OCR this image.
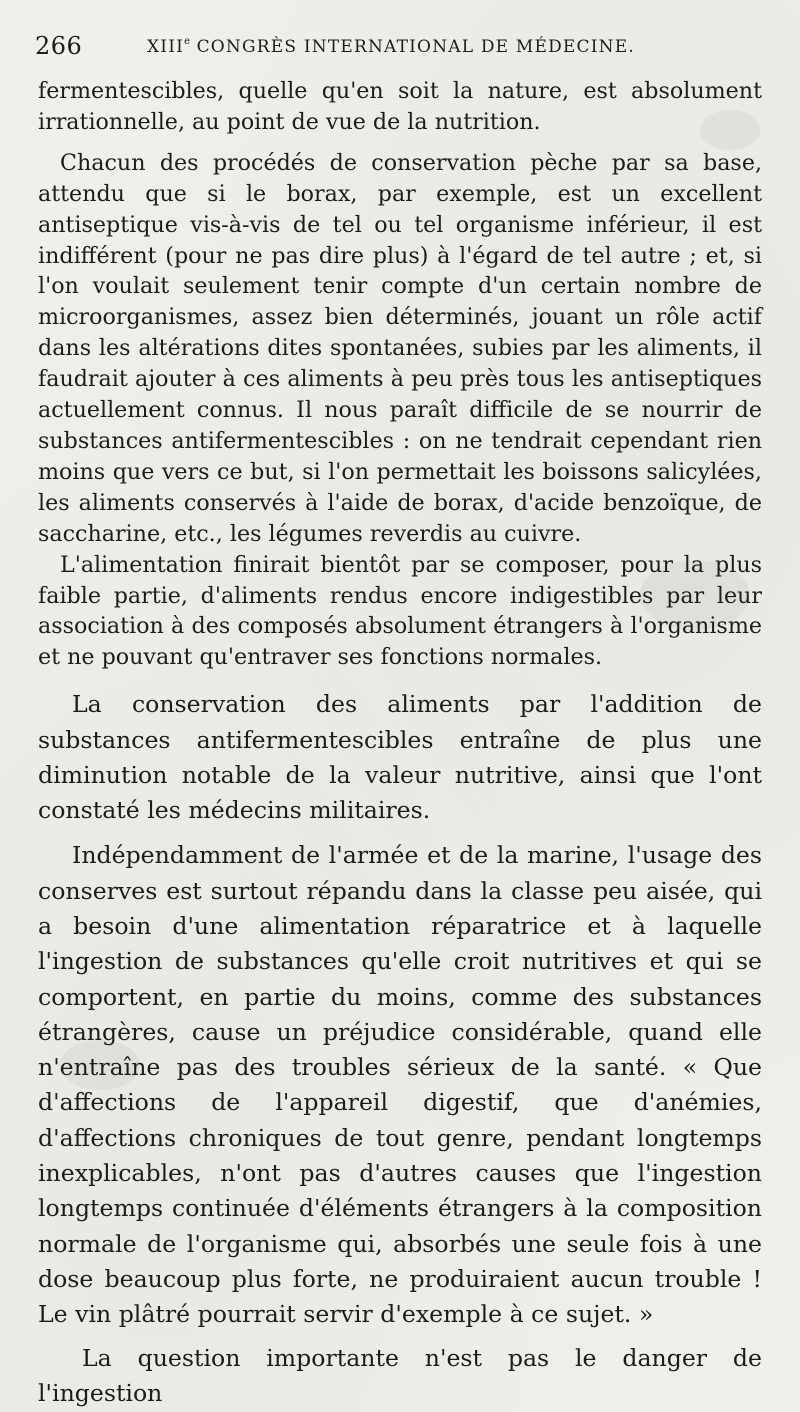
266	XIIIe CONGRÈS INTERNATIONAL DE MÉDECINE.

fermentescibles, quelle qu'en soit la nature, est absolument irrationnelle, au point de vue de la nutrition.

Chacun des procédés de conservation pèche par sa base, attendu que si le borax, par exemple, est un excellent antiseptique vis-à-vis de tel ou tel organisme inférieur, il est indifférent (pour ne pas dire plus) à l'égard de tel autre ; et, si l'on voulait seulement tenir compte d'un certain nombre de microorganismes, assez bien déterminés, jouant un rôle actif dans les altérations dites spontanées, subies par les aliments, il faudrait ajouter à ces aliments à peu près tous les antiseptiques actuellement connus. Il nous paraît difficile de se nourrir de substances antifermentescibles : on ne tendrait cependant rien moins que vers ce but, si l'on permettait les boissons salicylées, les aliments conservés à l'aide de borax, d'acide benzoïque, de saccharine, etc., les légumes reverdis au cuivre.

L'alimentation finirait bientôt par se composer, pour la plus faible partie, d'aliments rendus encore indigestibles par leur association à des composés absolument étrangers à l'organisme et ne pouvant qu'entraver ses fonctions normales.

La conservation des aliments par l'addition de substances antifermentescibles entraîne de plus une diminution notable de la valeur nutritive, ainsi que l'ont constaté les médecins militaires.

Indépendamment de l'armée et de la marine, l'usage des conserves est surtout répandu dans la classe peu aisée, qui a besoin d'une alimentation réparatrice et à laquelle l'ingestion de substances qu'elle croit nutritives et qui se comportent, en partie du moins, comme des substances étrangères, cause un préjudice considérable, quand elle n'entraîne pas des troubles sérieux de la santé. « Que d'affections de l'appareil digestif, que d'anémies, d'affections chroniques de tout genre, pendant longtemps inexplicables, n'ont pas d'autres causes que l'ingestion longtemps continuée d'éléments étrangers à la composition normale de l'organisme qui, absorbés une seule fois à une dose beaucoup plus forte, ne produiraient aucun trouble ! Le vin plâtré pourrait servir d'exemple à ce sujet. »

La question importante n'est pas le danger de l'ingestion
